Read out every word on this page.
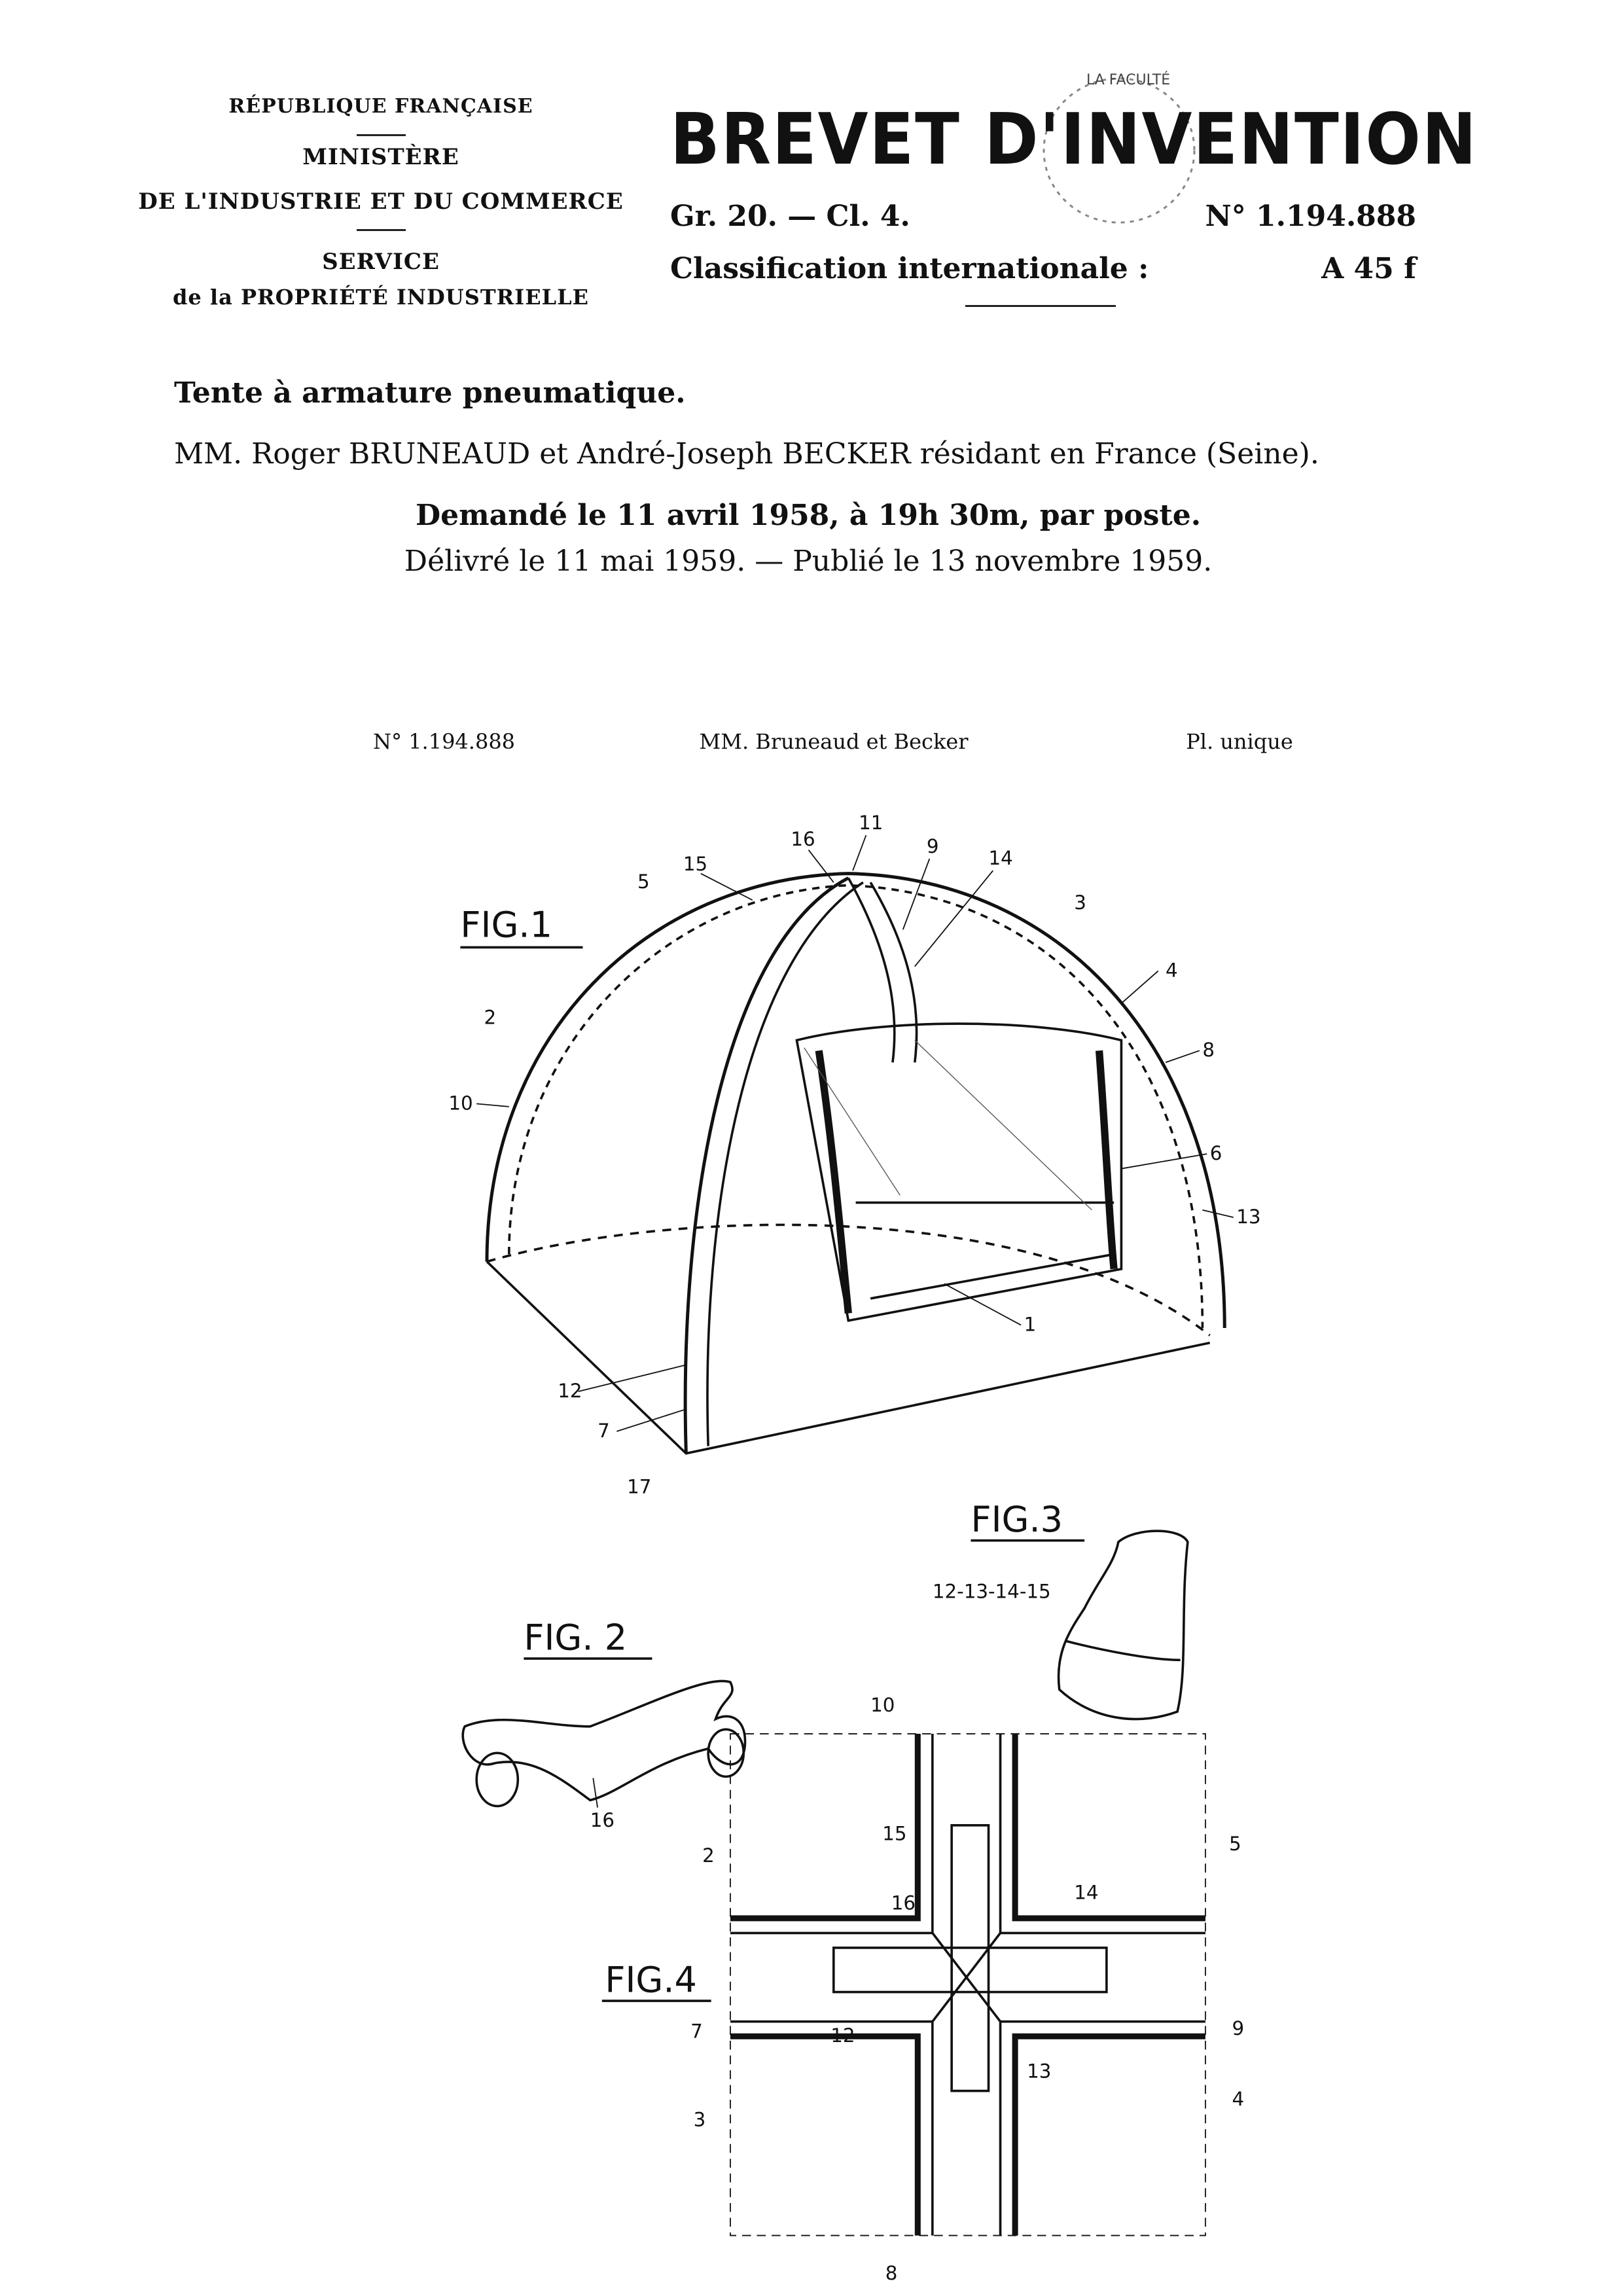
RÉPUBLIQUE FRANÇAISE
MINISTÈRE
DE L'INDUSTRIE ET DU COMMERCE
SERVICE
de la PROPRIÉTÉ INDUSTRIELLE
LA FACULTÉ
BREVET D'INVENTION
Gr. 20. — Cl. 4.	N° 1.194.888
Classification internationale :	A 45 f
Tente à armature pneumatique.
MM. Roger BRUNEAUD et André-Joseph BECKER résidant en France (Seine).
Demandé le 11 avril 1958, à 19h 30m, par poste.
Délivré le 11 mai 1959. — Publié le 13 novembre 1959.
N° 1.194.888	MM. Bruneaud et Becker	Pl. unique
FIG.1
11
16
15
9
14
5
3
4
8
2
10
6
13
1
12
7
17
FIG. 2
16
FIG.3
12-13-14-15
FIG.4
10
15
2
5
16	14
7	12	9
13
3
4
8
